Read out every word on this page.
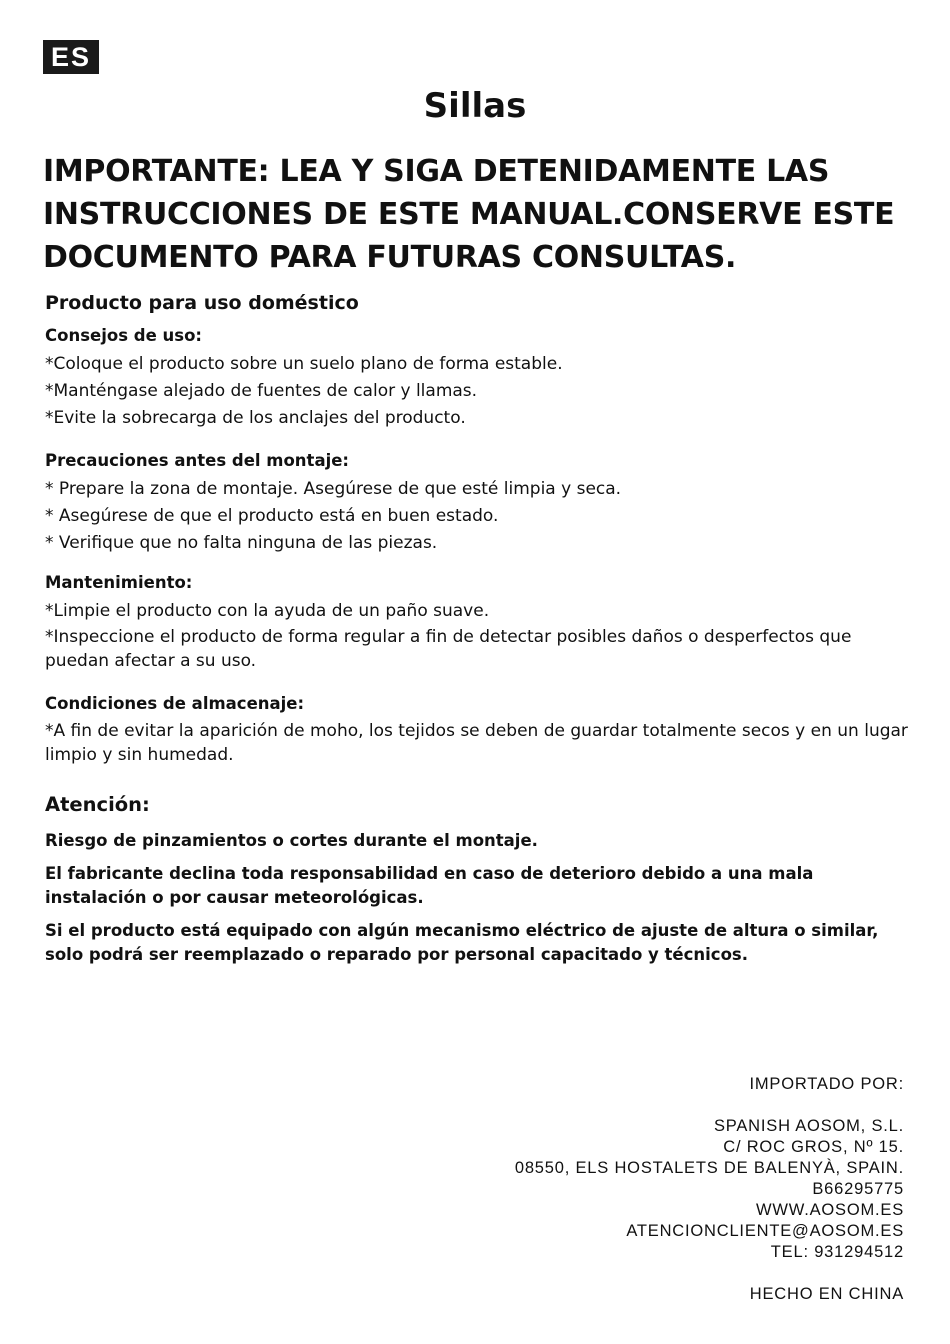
ES
Sillas

IMPORTANTE: LEA Y SIGA DETENIDAMENTE LAS INSTRUCCIONES DE ESTE MANUAL.CONSERVE ESTE DOCUMENTO PARA FUTURAS CONSULTAS.

Producto para uso doméstico

Consejos de uso:

*Coloque el producto sobre un suelo plano de forma estable.

*Manténgase alejado de fuentes de calor y llamas.

*Evite la sobrecarga de los anclajes del producto.

Precauciones antes del montaje:

* Prepare la zona de montaje. Asegúrese de que esté limpia y seca.

* Asegúrese de que el producto está en buen estado.

* Verifique que no falta ninguna de las piezas.

Mantenimiento:

*Limpie el producto con la ayuda de un paño suave.

*Inspeccione el producto de forma regular a fin de detectar posibles daños o desperfectos que puedan afectar a su uso.

Condiciones de almacenaje:

*A fin de evitar la aparición de moho, los tejidos se deben de guardar totalmente secos y en un lugar limpio y sin humedad.

Atención:

Riesgo de pinzamientos o cortes durante el montaje.

El fabricante declina toda responsabilidad en caso de deterioro debido a una mala instalación o por causar meteorológicas.

Si el producto está equipado con algún mecanismo eléctrico de ajuste de altura o similar, solo podrá ser reemplazado o reparado por personal capacitado y técnicos.

IMPORTADO POR:
SPANISH AOSOM, S.L.
C/ ROC GROS, Nº 15.
08550, ELS HOSTALETS DE BALENYÀ, SPAIN.
B66295775
WWW.AOSOM.ES
ATENCIONCLIENTE@AOSOM.ES
TEL: 931294512
HECHO EN CHINA
